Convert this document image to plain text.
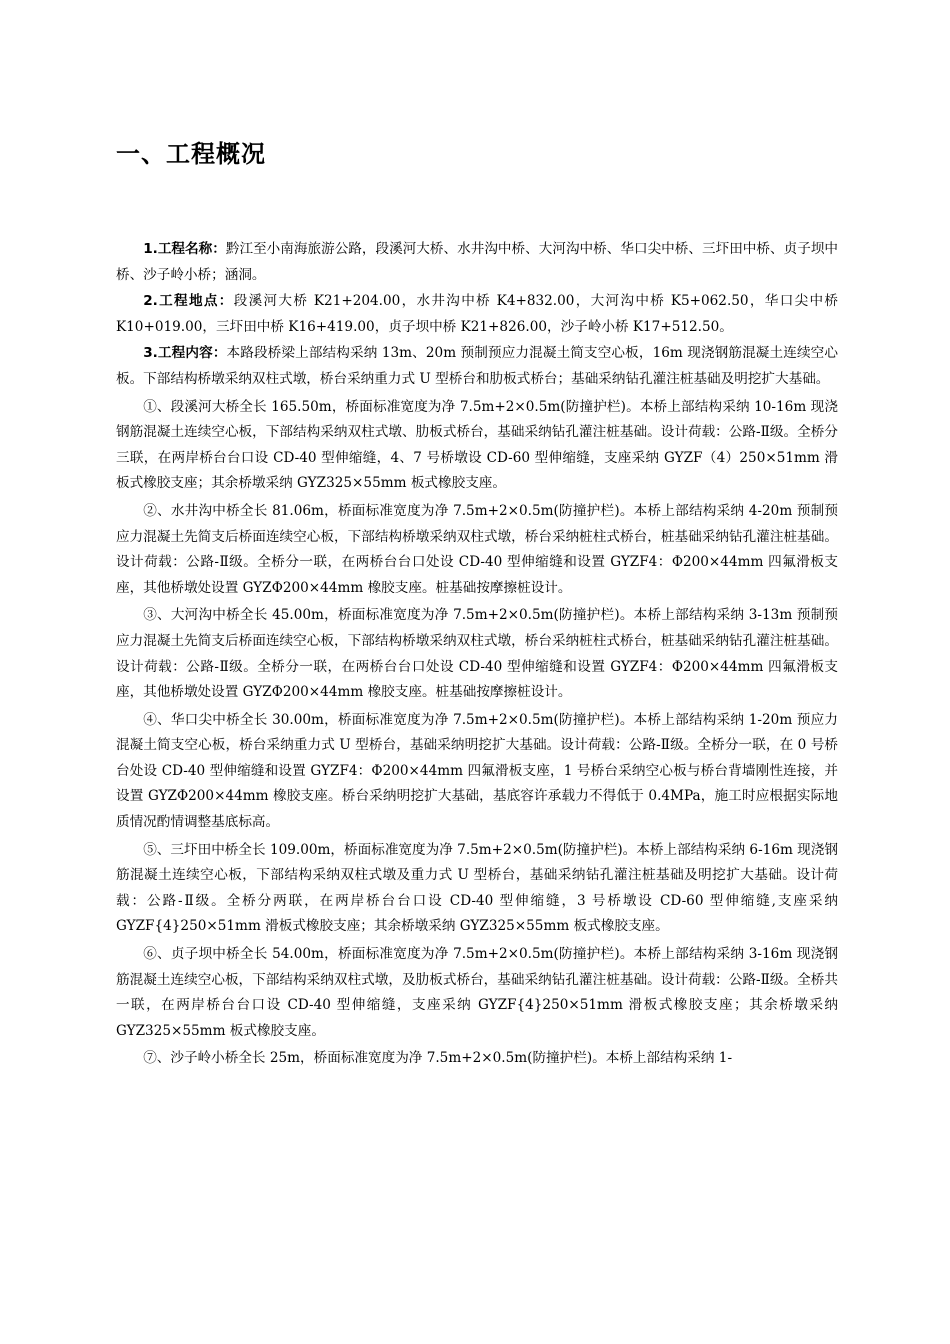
一、工程概况

1.工程名称：黔江至小南海旅游公路，段溪河大桥、水井沟中桥、大河沟中桥、华口尖中桥、三圷田中桥、贞子坝中桥、沙子岭小桥；涵洞。

2.工程地点：段溪河大桥 K21+204.00，水井沟中桥 K4+832.00，大河沟中桥 K5+062.50，华口尖中桥 K10+019.00，三圷田中桥 K16+419.00，贞子坝中桥 K21+826.00，沙子岭小桥 K17+512.50。

3.工程内容：本路段桥梁上部结构采纳 13m、20m 预制预应力混凝土简支空心板，16m 现浇钢筋混凝土连续空心板。下部结构桥墩采纳双柱式墩，桥台采纳重力式 U 型桥台和肋板式桥台；基础采纳钻孔灌注桩基础及明挖扩大基础。

①、段溪河大桥全长 165.50m，桥面标准宽度为净 7.5m+2×0.5m(防撞护栏)。本桥上部结构采纳 10-16m 现浇钢筋混凝土连续空心板，下部结构采纳双柱式墩、肋板式桥台，基础采纳钻孔灌注桩基础。设计荷载：公路-Ⅱ级。全桥分三联，在两岸桥台台口设 CD-40 型伸缩缝，4、7 号桥墩设 CD-60 型伸缩缝，支座采纳 GYZF（4）250×51mm 滑板式橡胶支座；其余桥墩采纳 GYZ325×55mm 板式橡胶支座。

②、水井沟中桥全长 81.06m，桥面标准宽度为净 7.5m+2×0.5m(防撞护栏)。本桥上部结构采纳 4-20m 预制预应力混凝土先简支后桥面连续空心板，下部结构桥墩采纳双柱式墩，桥台采纳桩柱式桥台，桩基础采纳钻孔灌注桩基础。设计荷载：公路-Ⅱ级。全桥分一联，在两桥台台口处设 CD-40 型伸缩缝和设置 GYZF4：Φ200×44mm 四氟滑板支座，其他桥墩处设置 GYZΦ200×44mm 橡胶支座。桩基础按摩擦桩设计。

③、大河沟中桥全长 45.00m，桥面标准宽度为净 7.5m+2×0.5m(防撞护栏)。本桥上部结构采纳 3-13m 预制预应力混凝土先简支后桥面连续空心板，下部结构桥墩采纳双柱式墩，桥台采纳桩柱式桥台，桩基础采纳钻孔灌注桩基础。设计荷载：公路-Ⅱ级。全桥分一联，在两桥台台口处设 CD-40 型伸缩缝和设置 GYZF4：Φ200×44mm 四氟滑板支座，其他桥墩处设置 GYZΦ200×44mm 橡胶支座。桩基础按摩擦桩设计。

④、华口尖中桥全长 30.00m，桥面标准宽度为净 7.5m+2×0.5m(防撞护栏)。本桥上部结构采纳 1-20m 预应力混凝土简支空心板，桥台采纳重力式 U 型桥台，基础采纳明挖扩大基础。设计荷载：公路-Ⅱ级。全桥分一联，在 0 号桥台处设 CD-40 型伸缩缝和设置 GYZF4：Φ200×44mm 四氟滑板支座，1 号桥台采纳空心板与桥台背墙刚性连接，并设置 GYZΦ200×44mm 橡胶支座。桥台采纳明挖扩大基础，基底容许承载力不得低于 0.4MPa，施工时应根据实际地质情况酌情调整基底标高。

⑤、三圷田中桥全长 109.00m，桥面标准宽度为净 7.5m+2×0.5m(防撞护栏)。本桥上部结构采纳 6-16m 现浇钢筋混凝土连续空心板，下部结构采纳双柱式墩及重力式 U 型桥台，基础采纳钻孔灌注桩基础及明挖扩大基础。设计荷载：公路-Ⅱ级。全桥分两联，在两岸桥台台口设 CD-40 型伸缩缝，3 号桥墩设 CD-60 型伸缩缝,支座采纳 GYZF{4}250×51mm 滑板式橡胶支座；其余桥墩采纳 GYZ325×55mm 板式橡胶支座。

⑥、贞子坝中桥全长 54.00m，桥面标准宽度为净 7.5m+2×0.5m(防撞护栏)。本桥上部结构采纳 3-16m 现浇钢筋混凝土连续空心板，下部结构采纳双柱式墩，及肋板式桥台，基础采纳钻孔灌注桩基础。设计荷载：公路-Ⅱ级。全桥共一联，在两岸桥台台口设 CD-40 型伸缩缝，支座采纳 GYZF{4}250×51mm 滑板式橡胶支座；其余桥墩采纳 GYZ325×55mm 板式橡胶支座。

⑦、沙子岭小桥全长 25m，桥面标准宽度为净 7.5m+2×0.5m(防撞护栏)。本桥上部结构采纳 1-
